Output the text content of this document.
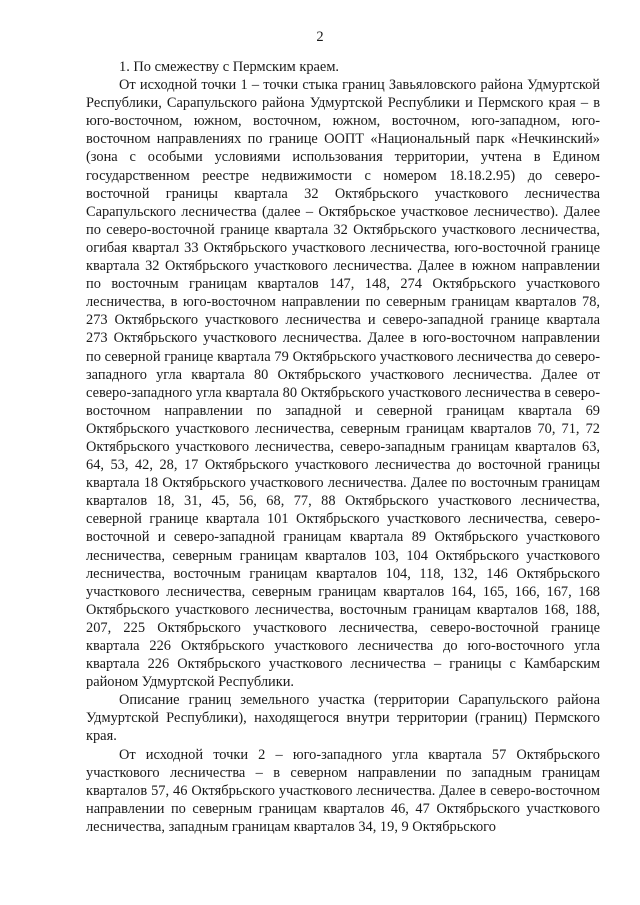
2

1. По смежеству с Пермским краем.

От исходной точки 1 – точки стыка границ Завьяловского района Удмуртской Республики, Сарапульского района Удмуртской Республики и Пермского края – в юго-восточном, южном, восточном, южном, восточном, юго-западном, юго-восточном направлениях по границе ООПТ «Национальный парк «Нечкинский» (зона с особыми условиями использования территории, учтена в Едином государственном реестре недвижимости с номером 18.18.2.95) до северо-восточной границы квартала 32 Октябрьского участкового лесничества Сарапульского лесничества (далее – Октябрьское участковое лесничество). Далее по северо-восточной границе квартала 32 Октябрьского участкового лесничества, огибая квартал 33 Октябрьского участкового лесничества, юго-восточной границе квартала 32 Октябрьского участкового лесничества. Далее в южном направлении по восточным границам кварталов 147, 148, 274 Октябрьского участкового лесничества, в юго-восточном направлении по северным границам кварталов 78, 273 Октябрьского участкового лесничества и северо-западной границе квартала 273 Октябрьского участкового лесничества. Далее в юго-восточном направлении по северной границе квартала 79 Октябрьского участкового лесничества до северо-западного угла квартала 80 Октябрьского участкового лесничества. Далее от северо-западного угла квартала 80 Октябрьского участкового лесничества в северо-восточном направлении по западной и северной границам квартала 69 Октябрьского участкового лесничества, северным границам кварталов 70, 71, 72 Октябрьского участкового лесничества, северо-западным границам кварталов 63, 64, 53, 42, 28, 17 Октябрьского участкового лесничества до восточной границы квартала 18 Октябрьского участкового лесничества. Далее по восточным границам кварталов 18, 31, 45, 56, 68, 77, 88 Октябрьского участкового лесничества, северной границе квартала 101 Октябрьского участкового лесничества, северо-восточной и северо-западной границам квартала 89 Октябрьского участкового лесничества, северным границам кварталов 103, 104 Октябрьского участкового лесничества, восточным границам кварталов 104, 118, 132, 146 Октябрьского участкового лесничества, северным границам кварталов 164, 165, 166, 167, 168 Октябрьского участкового лесничества, восточным границам кварталов 168, 188, 207, 225 Октябрьского участкового лесничества, северо-восточной границе квартала 226 Октябрьского участкового лесничества до юго-восточного угла квартала 226 Октябрьского участкового лесничества – границы с Камбарским районом Удмуртской Республики.

Описание границ земельного участка (территории Сарапульского района Удмуртской Республики), находящегося внутри территории (границ) Пермского края.

От исходной точки 2 – юго-западного угла квартала 57 Октябрьского участкового лесничества – в северном направлении по западным границам кварталов 57, 46 Октябрьского участкового лесничества. Далее в северо-восточном направлении по северным границам кварталов 46, 47 Октябрьского участкового лесничества, западным границам кварталов 34, 19, 9 Октябрьского
